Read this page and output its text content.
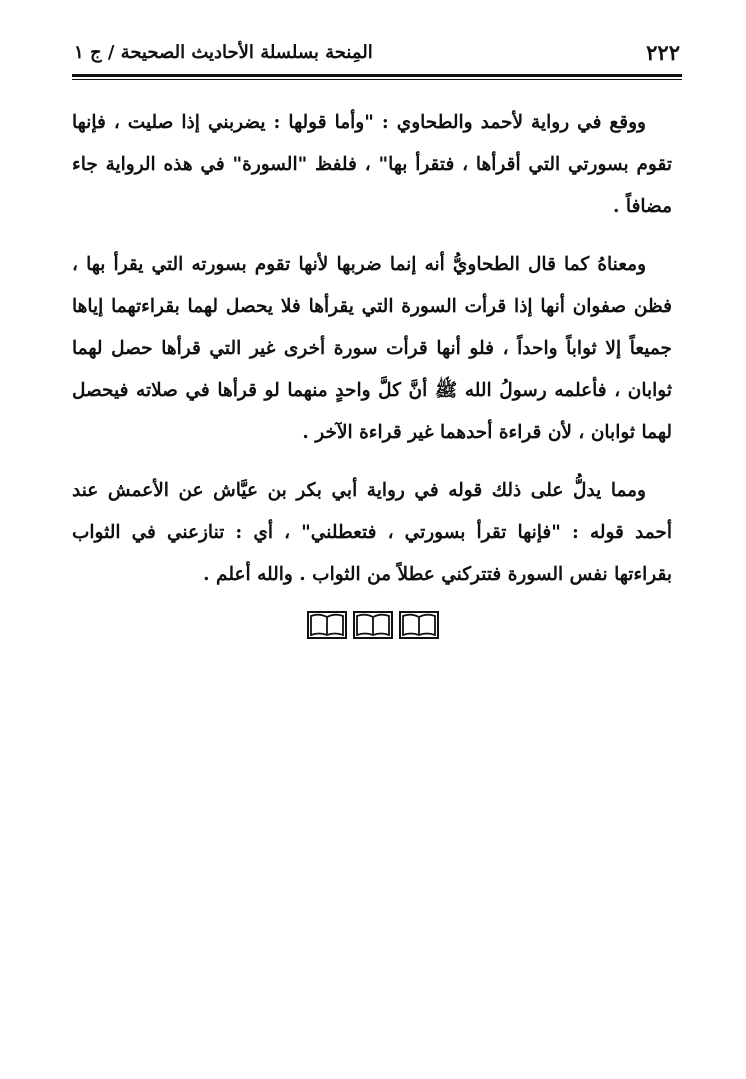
٢٢٢
المِنحة بسلسلة الأحاديث الصحيحة / ج ١

ووقع في رواية لأحمد والطحاوي : "وأما قولها : يضربني إذا صليت ، فإنها تقوم بسورتي التي أقرأها ، فتقرأ بها" ، فلفظ "السورة" في هذه الرواية جاء مضافاً .

ومعناهُ كما قال الطحاويُّ أنه إنما ضربها لأنها تقوم بسورته التي يقرأ بها ، فظن صفوان أنها إذا قرأت السورة التي يقرأها فلا يحصل لهما بقراءتهما إياها جميعاً إلا ثواباً واحداً ، فلو أنها قرأت سورة أخرى غير التي قرأها حصل لهما ثوابان ، فأعلمه رسولُ الله ﷺ أنَّ كلَّ واحدٍ منهما لو قرأها في صلاته فيحصل لهما ثوابان ، لأن قراءة أحدهما غير قراءة الآخر .

ومما يدلُّ على ذلك قوله في رواية أبي بكر بن عيَّاش عن الأعمش عند أحمد قوله : "فإنها تقرأ بسورتي ، فتعطلني" ، أي : تنازعني في الثواب بقراءتها نفس السورة فتتركني عطلاً من الثواب . والله أعلم .
